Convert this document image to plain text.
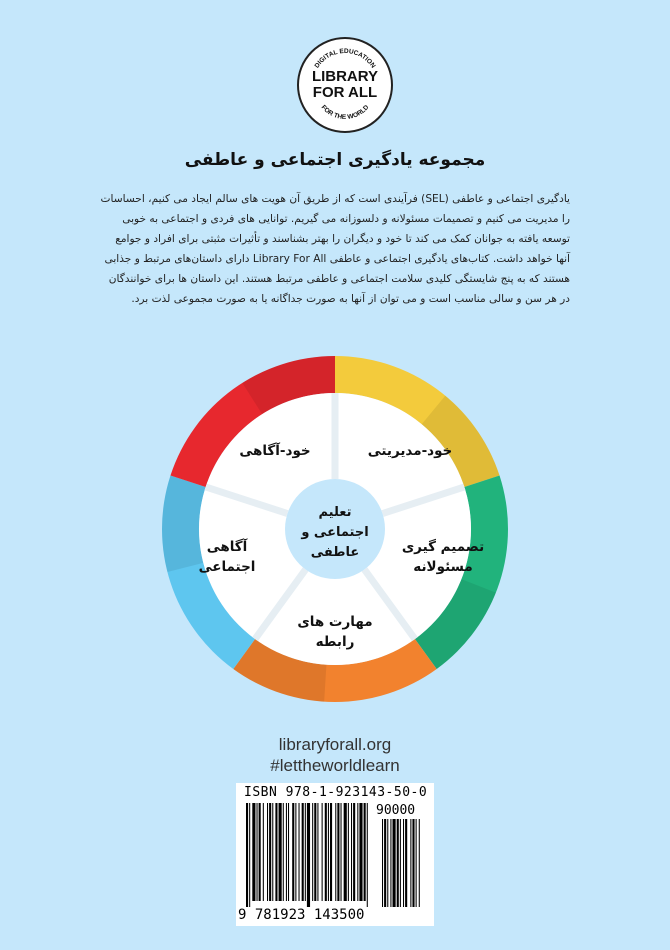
DIGITAL EDUCATION
FOR THE WORLD
LIBRARY
FOR ALL
مجموعه یادگیری اجتماعی و عاطفی
یادگیری اجتماعی و عاطفی (SEL) فرآیندی است که از طریق آن هویت های سالم ایجاد می کنیم، احساسات
را مدیریت می کنیم و تصمیمات مسئولانه و دلسوزانه می گیریم. توانایی های فردی و اجتماعی به خوبی
توسعه یافته به جوانان کمک می کند تا خود و دیگران را بهتر بشناسند و تأثیرات مثبتی برای افراد و جوامع
آنها خواهد داشت. کتاب‌های یادگیری اجتماعی و عاطفی Library For All دارای داستان‌های مرتبط و جذابی
هستند که به پنج شایستگی کلیدی سلامت اجتماعی و عاطفی مرتبط هستند. این داستان ها برای خوانندگان
در هر سن و سالی مناسب است و می توان از آنها به صورت جداگانه یا به صورت مجموعی لذت برد.
خود-مدیریتی
تصمیم گیری
مسئولانه
مهارت های
رابطه
آگاهی
اجتماعی
خود-آگاهی
تعلیم
اجتماعی و
عاطفی
libraryforall.org
#lettheworldlearn
ISBN 978-1-923143-50-0
90000
9 781923 143500
